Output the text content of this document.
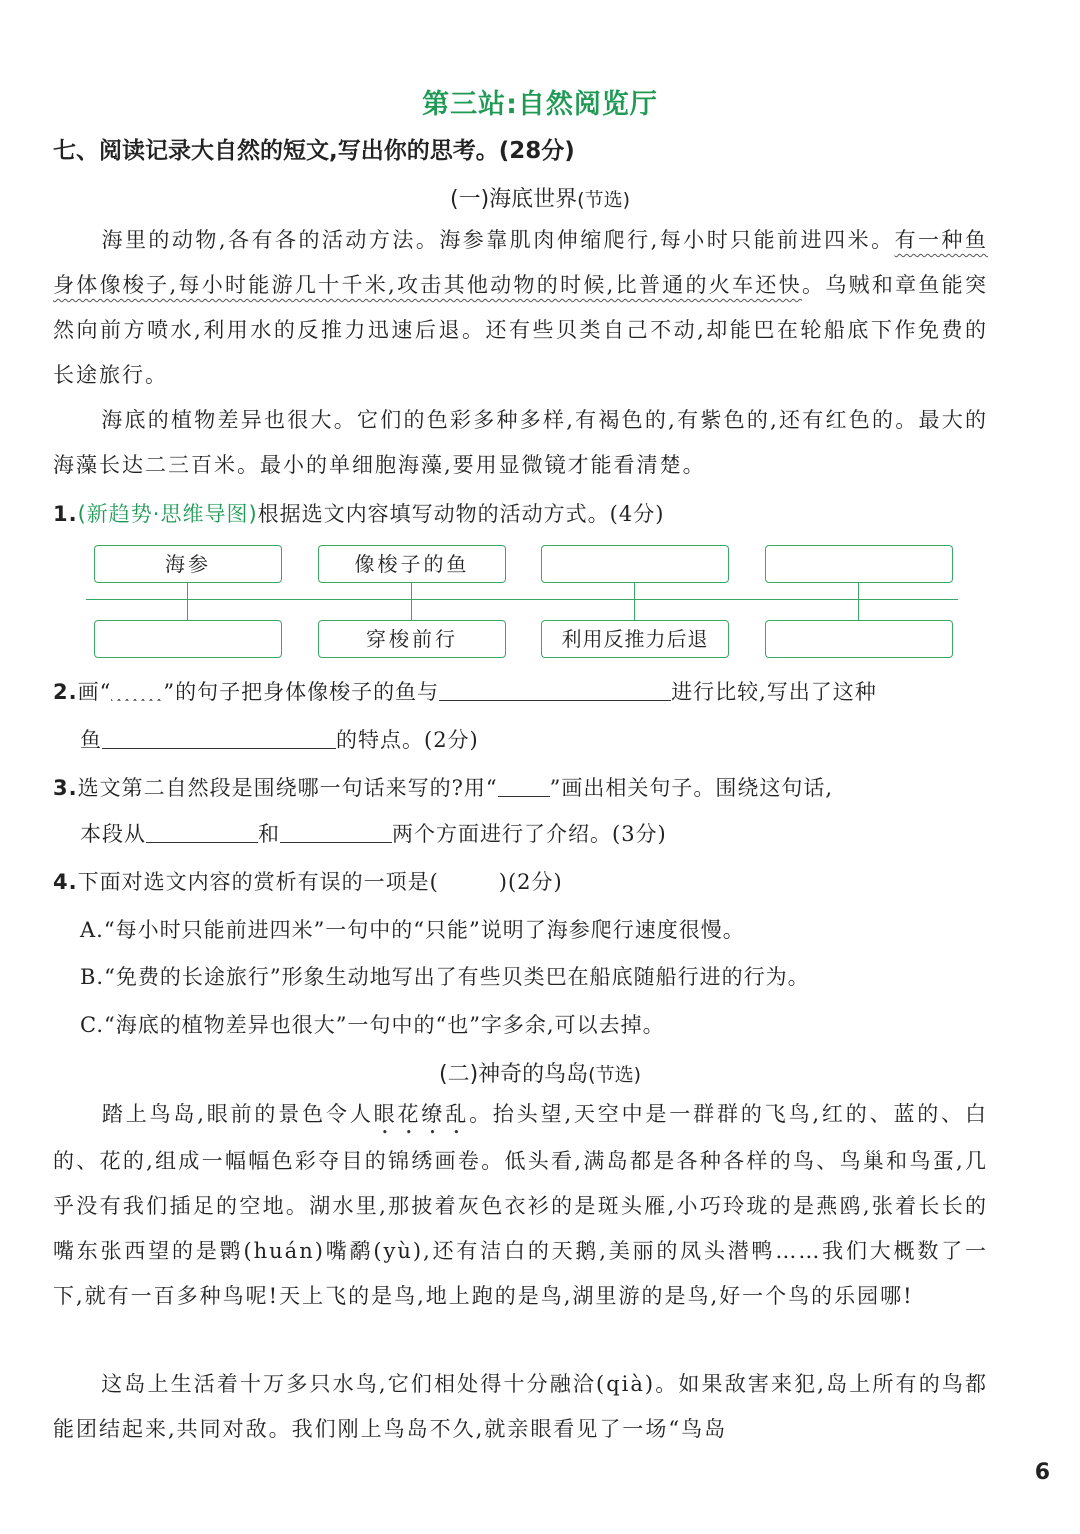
第三站:自然阅览厅
七、阅读记录大自然的短文,写出你的思考。(28分)
(一)海底世界(节选)
海里的动物,各有各的活动方法。海参靠肌肉伸缩爬行,每小时只能前进四米。有一种鱼身体像梭子,每小时能游几十千米,攻击其他动物的时候,比普通的火车还快。乌贼和章鱼能突然向前方喷水,利用水的反推力迅速后退。还有些贝类自己不动,却能巴在轮船底下作免费的长途旅行。
海底的植物差异也很大。它们的色彩多种多样,有褐色的,有紫色的,还有红色的。最大的海藻长达二三百米。最小的单细胞海藻,要用显微镜才能看清楚。
1.(新趋势·思维导图)根据选文内容填写动物的活动方式。(4分)
海参	像梭子的鱼
穿梭前行	利用反推力后退
2.画“ ”的句子把身体像梭子的鱼与	进行比较,写出了这种
鱼	的特点。(2分)
3.选文第二自然段是围绕哪一句话来写的?用“ ”画出相关句子。围绕这句话,
本段从	和	两个方面进行了介绍。(3分)
4.下面对选文内容的赏析有误的一项是(	)(2分)
A.“每小时只能前进四米”一句中的“只能”说明了海参爬行速度很慢。
B.“免费的长途旅行”形象生动地写出了有些贝类巴在船底随船行进的行为。
C.“海底的植物差异也很大”一句中的“也”字多余,可以去掉。
(二)神奇的鸟岛(节选)
踏上鸟岛,眼前的景色令人眼花缭乱。抬头望,天空中是一群群的飞鸟,红的、蓝的、白的、花的,组成一幅幅色彩夺目的锦绣画卷。低头看,满岛都是各种各样的鸟、鸟巢和鸟蛋,几乎没有我们插足的空地。湖水里,那披着灰色衣衫的是斑头雁,小巧玲珑的是燕鸥,张着长长的嘴东张西望的是鹮(huán)嘴鹬(yù),还有洁白的天鹅,美丽的凤头潜鸭……我们大概数了一下,就有一百多种鸟呢!天上飞的是鸟,地上跑的是鸟,湖里游的是鸟,好一个鸟的乐园哪!
这岛上生活着十万多只水鸟,它们相处得十分融洽(qià)。如果敌害来犯,岛上所有的鸟都能团结起来,共同对敌。我们刚上鸟岛不久,就亲眼看见了一场“鸟岛
6
